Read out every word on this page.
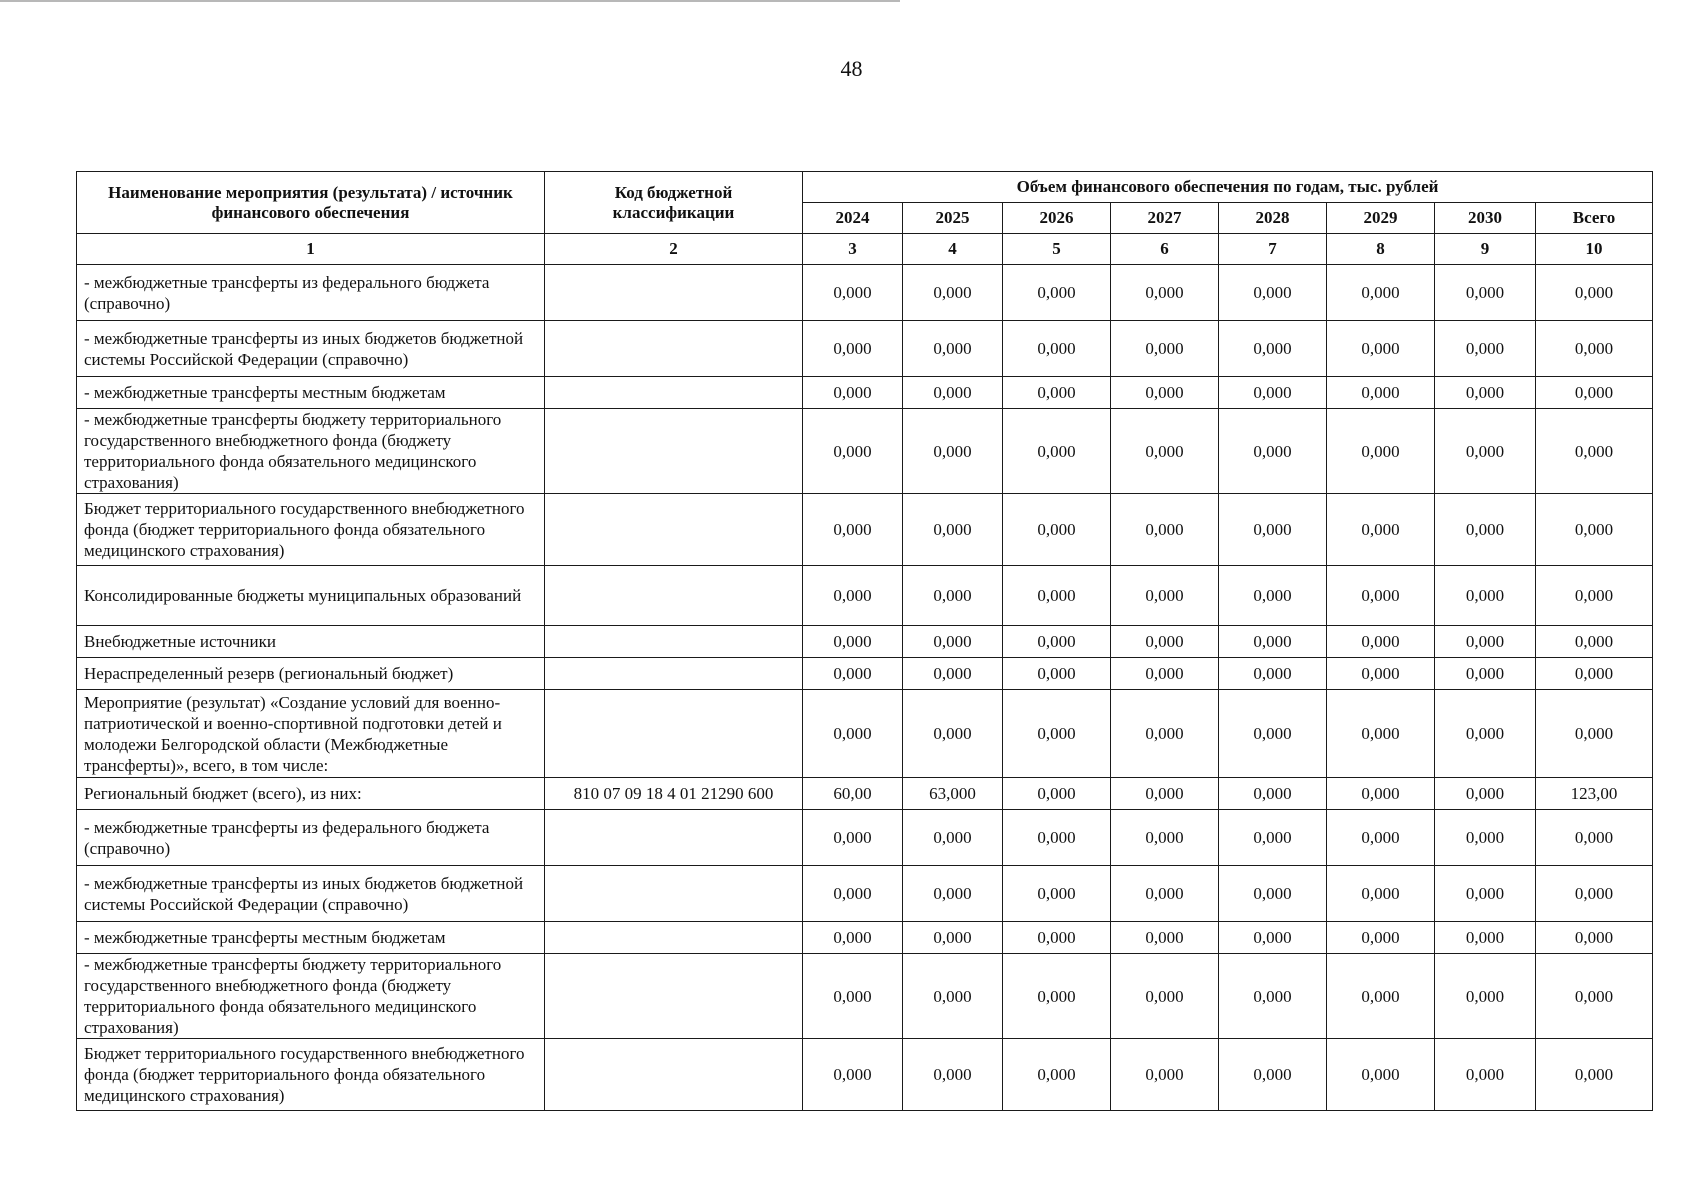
48
Наименование мероприятия (результата) / источник финансового обеспечения	Код бюджетной классификации	Объем финансового обеспечения по годам, тыс. рублей							
		2024	2025	2026	2027	2028	2029	2030	Всего
1	2	3	4	5	6	7	8	9	10
- межбюджетные трансферты из федерального бюджета (справочно)		0,000	0,000	0,000	0,000	0,000	0,000	0,000	0,000
- межбюджетные трансферты из иных бюджетов бюджетной системы Российской Федерации (справочно)		0,000	0,000	0,000	0,000	0,000	0,000	0,000	0,000
- межбюджетные трансферты местным бюджетам		0,000	0,000	0,000	0,000	0,000	0,000	0,000	0,000
- межбюджетные трансферты бюджету территориального государственного внебюджетного фонда (бюджету территориального фонда обязательного медицинского страхования)		0,000	0,000	0,000	0,000	0,000	0,000	0,000	0,000
Бюджет территориального государственного внебюджетного фонда (бюджет территориального фонда обязательного медицинского страхования)		0,000	0,000	0,000	0,000	0,000	0,000	0,000	0,000
Консолидированные бюджеты муниципальных образований		0,000	0,000	0,000	0,000	0,000	0,000	0,000	0,000
Внебюджетные источники		0,000	0,000	0,000	0,000	0,000	0,000	0,000	0,000
Нераспределенный резерв (региональный бюджет)		0,000	0,000	0,000	0,000	0,000	0,000	0,000	0,000
Мероприятие (результат) «Создание условий для военно-патриотической и военно-спортивной подготовки детей и молодежи Белгородской области (Межбюджетные трансферты)», всего, в том числе:		0,000	0,000	0,000	0,000	0,000	0,000	0,000	0,000
Региональный бюджет (всего), из них:	810 07 09 18 4 01 21290 600	60,00	63,000	0,000	0,000	0,000	0,000	0,000	123,00
- межбюджетные трансферты из федерального бюджета (справочно)		0,000	0,000	0,000	0,000	0,000	0,000	0,000	0,000
- межбюджетные трансферты из иных бюджетов бюджетной системы Российской Федерации (справочно)		0,000	0,000	0,000	0,000	0,000	0,000	0,000	0,000
- межбюджетные трансферты местным бюджетам		0,000	0,000	0,000	0,000	0,000	0,000	0,000	0,000
- межбюджетные трансферты бюджету территориального государственного внебюджетного фонда (бюджету территориального фонда обязательного медицинского страхования)		0,000	0,000	0,000	0,000	0,000	0,000	0,000	0,000
Бюджет территориального государственного внебюджетного фонда (бюджет территориального фонда обязательного медицинского страхования)		0,000	0,000	0,000	0,000	0,000	0,000	0,000	0,000
